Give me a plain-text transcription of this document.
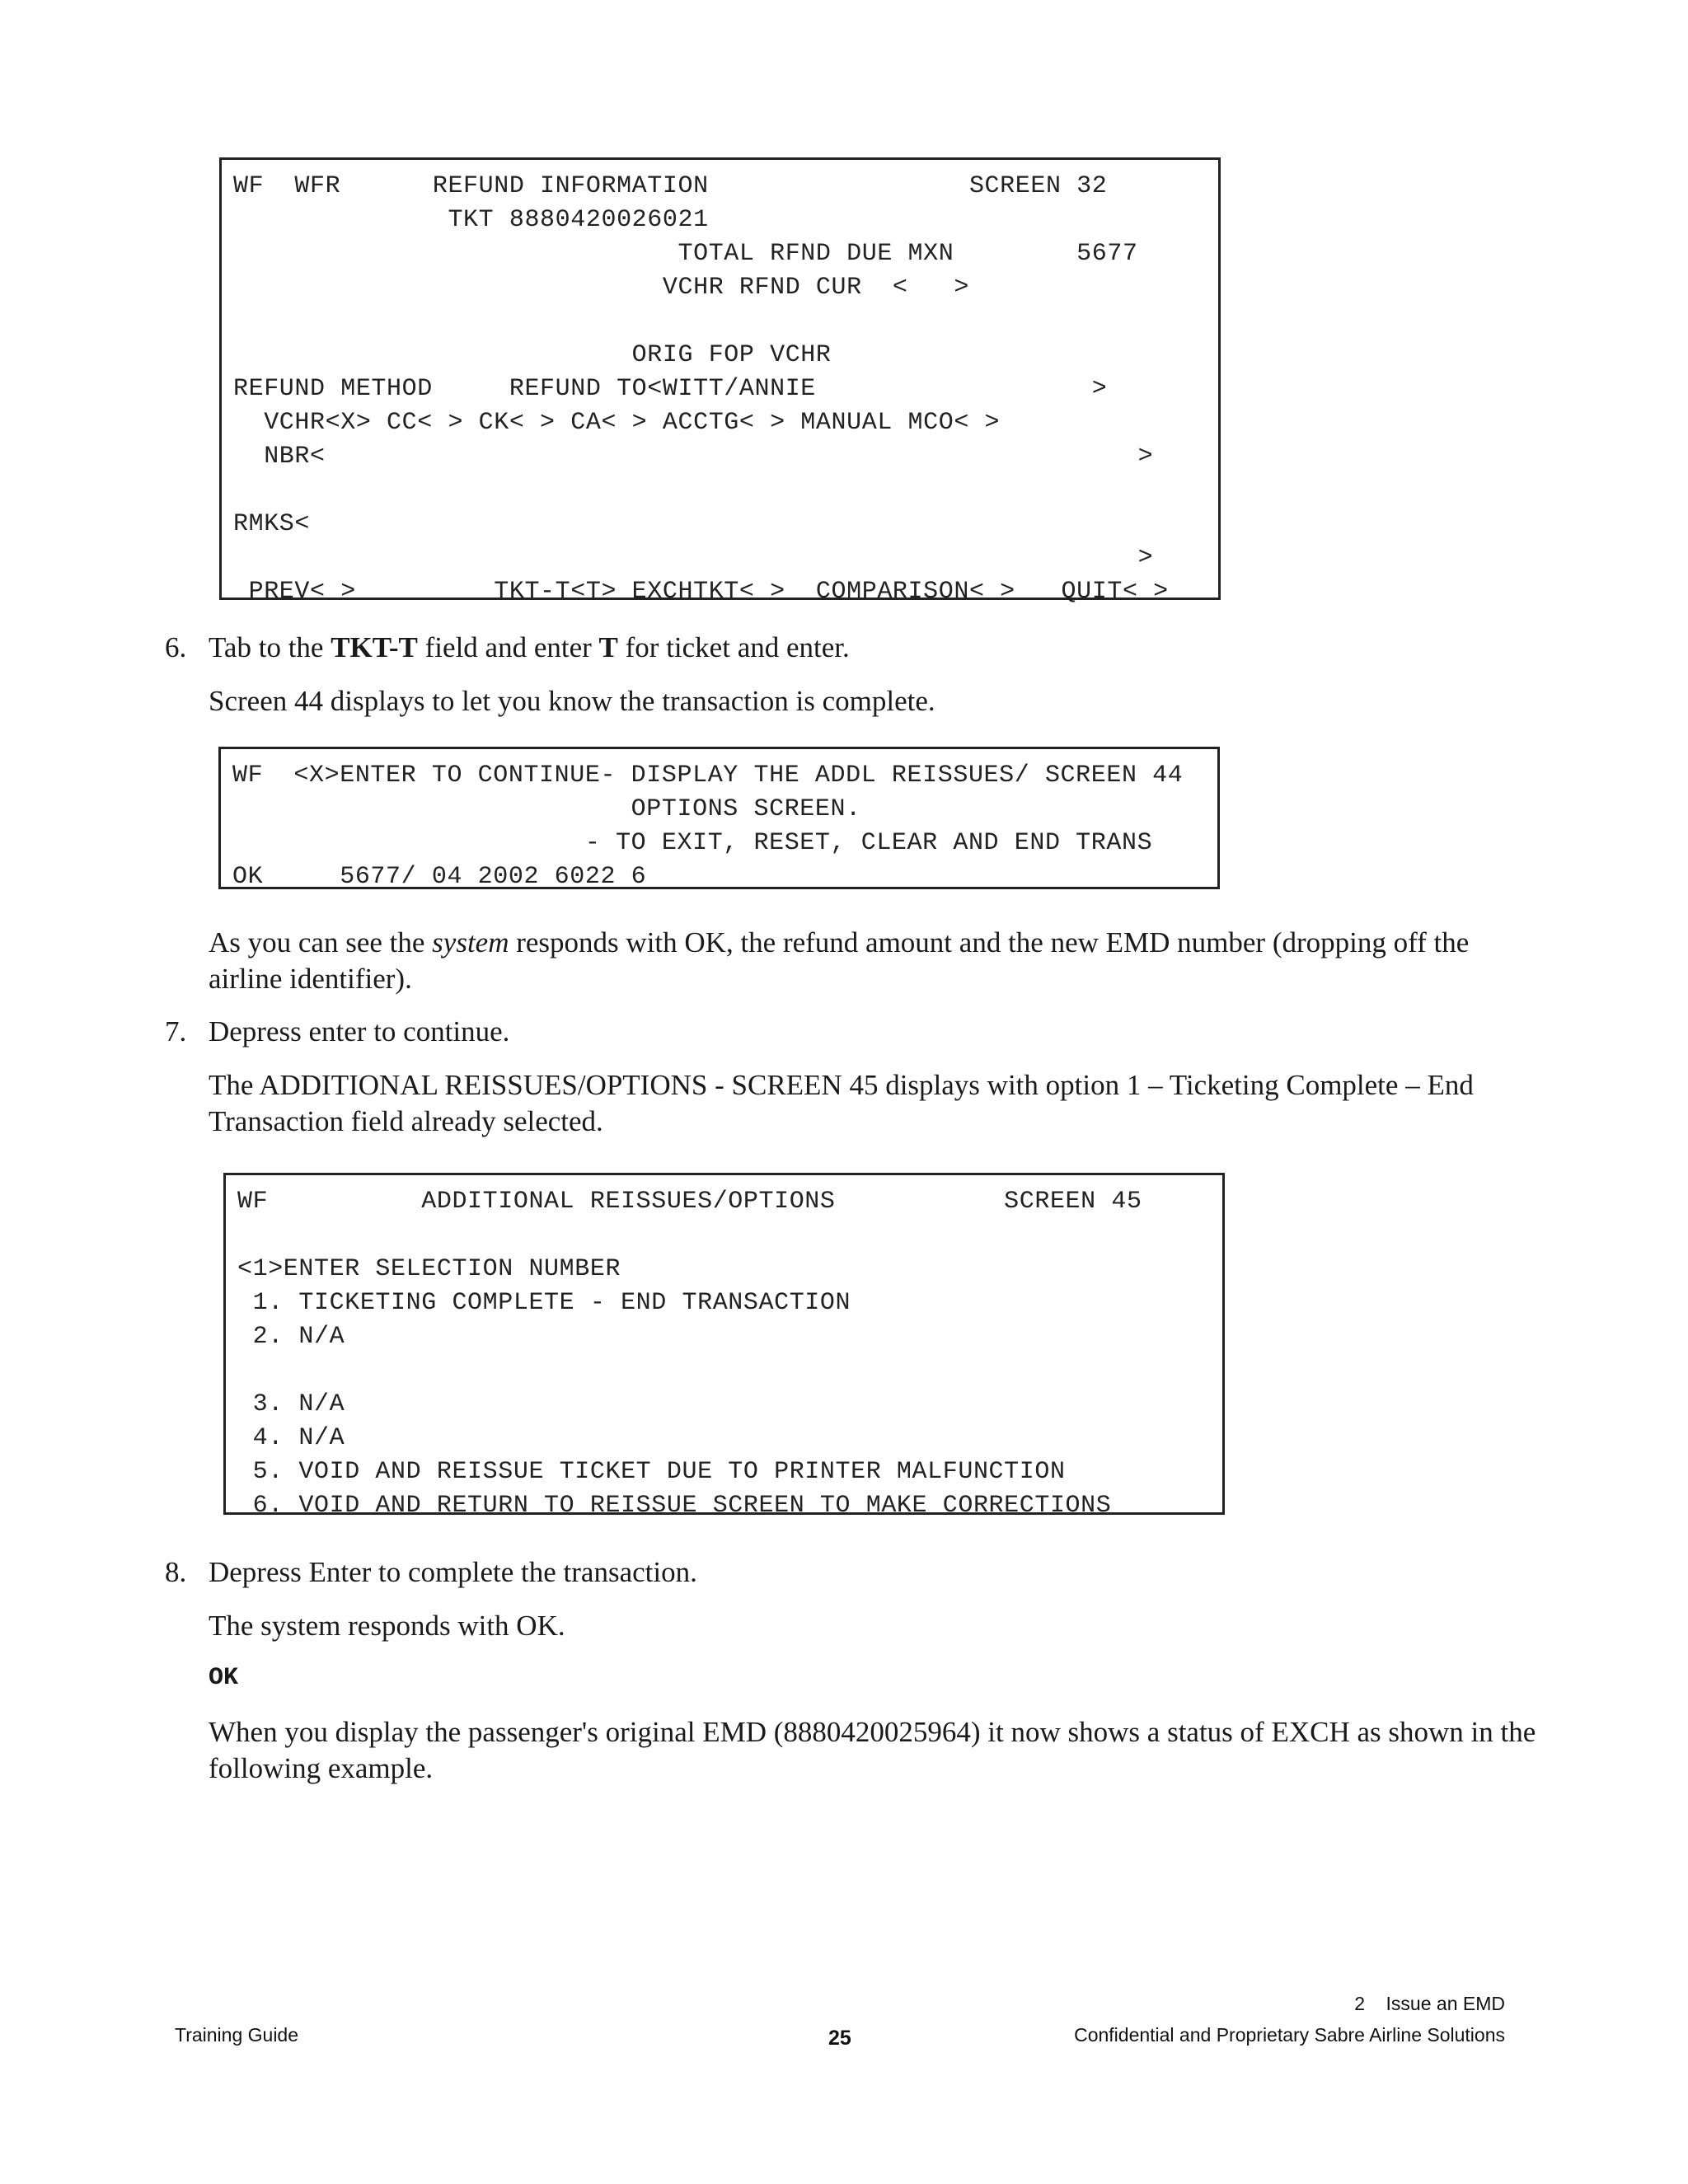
WF  WFR      REFUND INFORMATION                 SCREEN 32
TKT 8880420026021
TOTAL RFND DUE MXN        5677
VCHR RFND CUR  <   >

ORIG FOP VCHR
REFUND METHOD     REFUND TO<WITT/ANNIE                  >
VCHR<X> CC< > CK< > CA< > ACCTG< > MANUAL MCO< >
NBR<                                                     >

RMKS<
>
PREV< >         TKT-T<T> EXCHTKT< >  COMPARISON< >   QUIT< >
6. Tab to the TKT-T field and enter T for ticket and enter.
Screen 44 displays to let you know the transaction is complete.
WF  <X>ENTER TO CONTINUE- DISPLAY THE ADDL REISSUES/ SCREEN 44
OPTIONS SCREEN.
- TO EXIT, RESET, CLEAR AND END TRANS
OK     5677/ 04 2002 6022 6
As you can see the system responds with OK, the refund amount and the new EMD number (dropping off the airline identifier).
7. Depress enter to continue.
The ADDITIONAL REISSUES/OPTIONS - SCREEN 45 displays with option 1 – Ticketing Complete – End Transaction field already selected.
WF          ADDITIONAL REISSUES/OPTIONS           SCREEN 45

<1>ENTER SELECTION NUMBER
1. TICKETING COMPLETE - END TRANSACTION
2. N/A

3. N/A
4. N/A
5. VOID AND REISSUE TICKET DUE TO PRINTER MALFUNCTION
6. VOID AND RETURN TO REISSUE SCREEN TO MAKE CORRECTIONS
8. Depress Enter to complete the transaction.
The system responds with OK.
OK
When you display the passenger's original EMD (8880420025964) it now shows a status of EXCH as shown in the following example.
2    Issue an EMD
Training Guide	25	Confidential and Proprietary Sabre Airline Solutions
